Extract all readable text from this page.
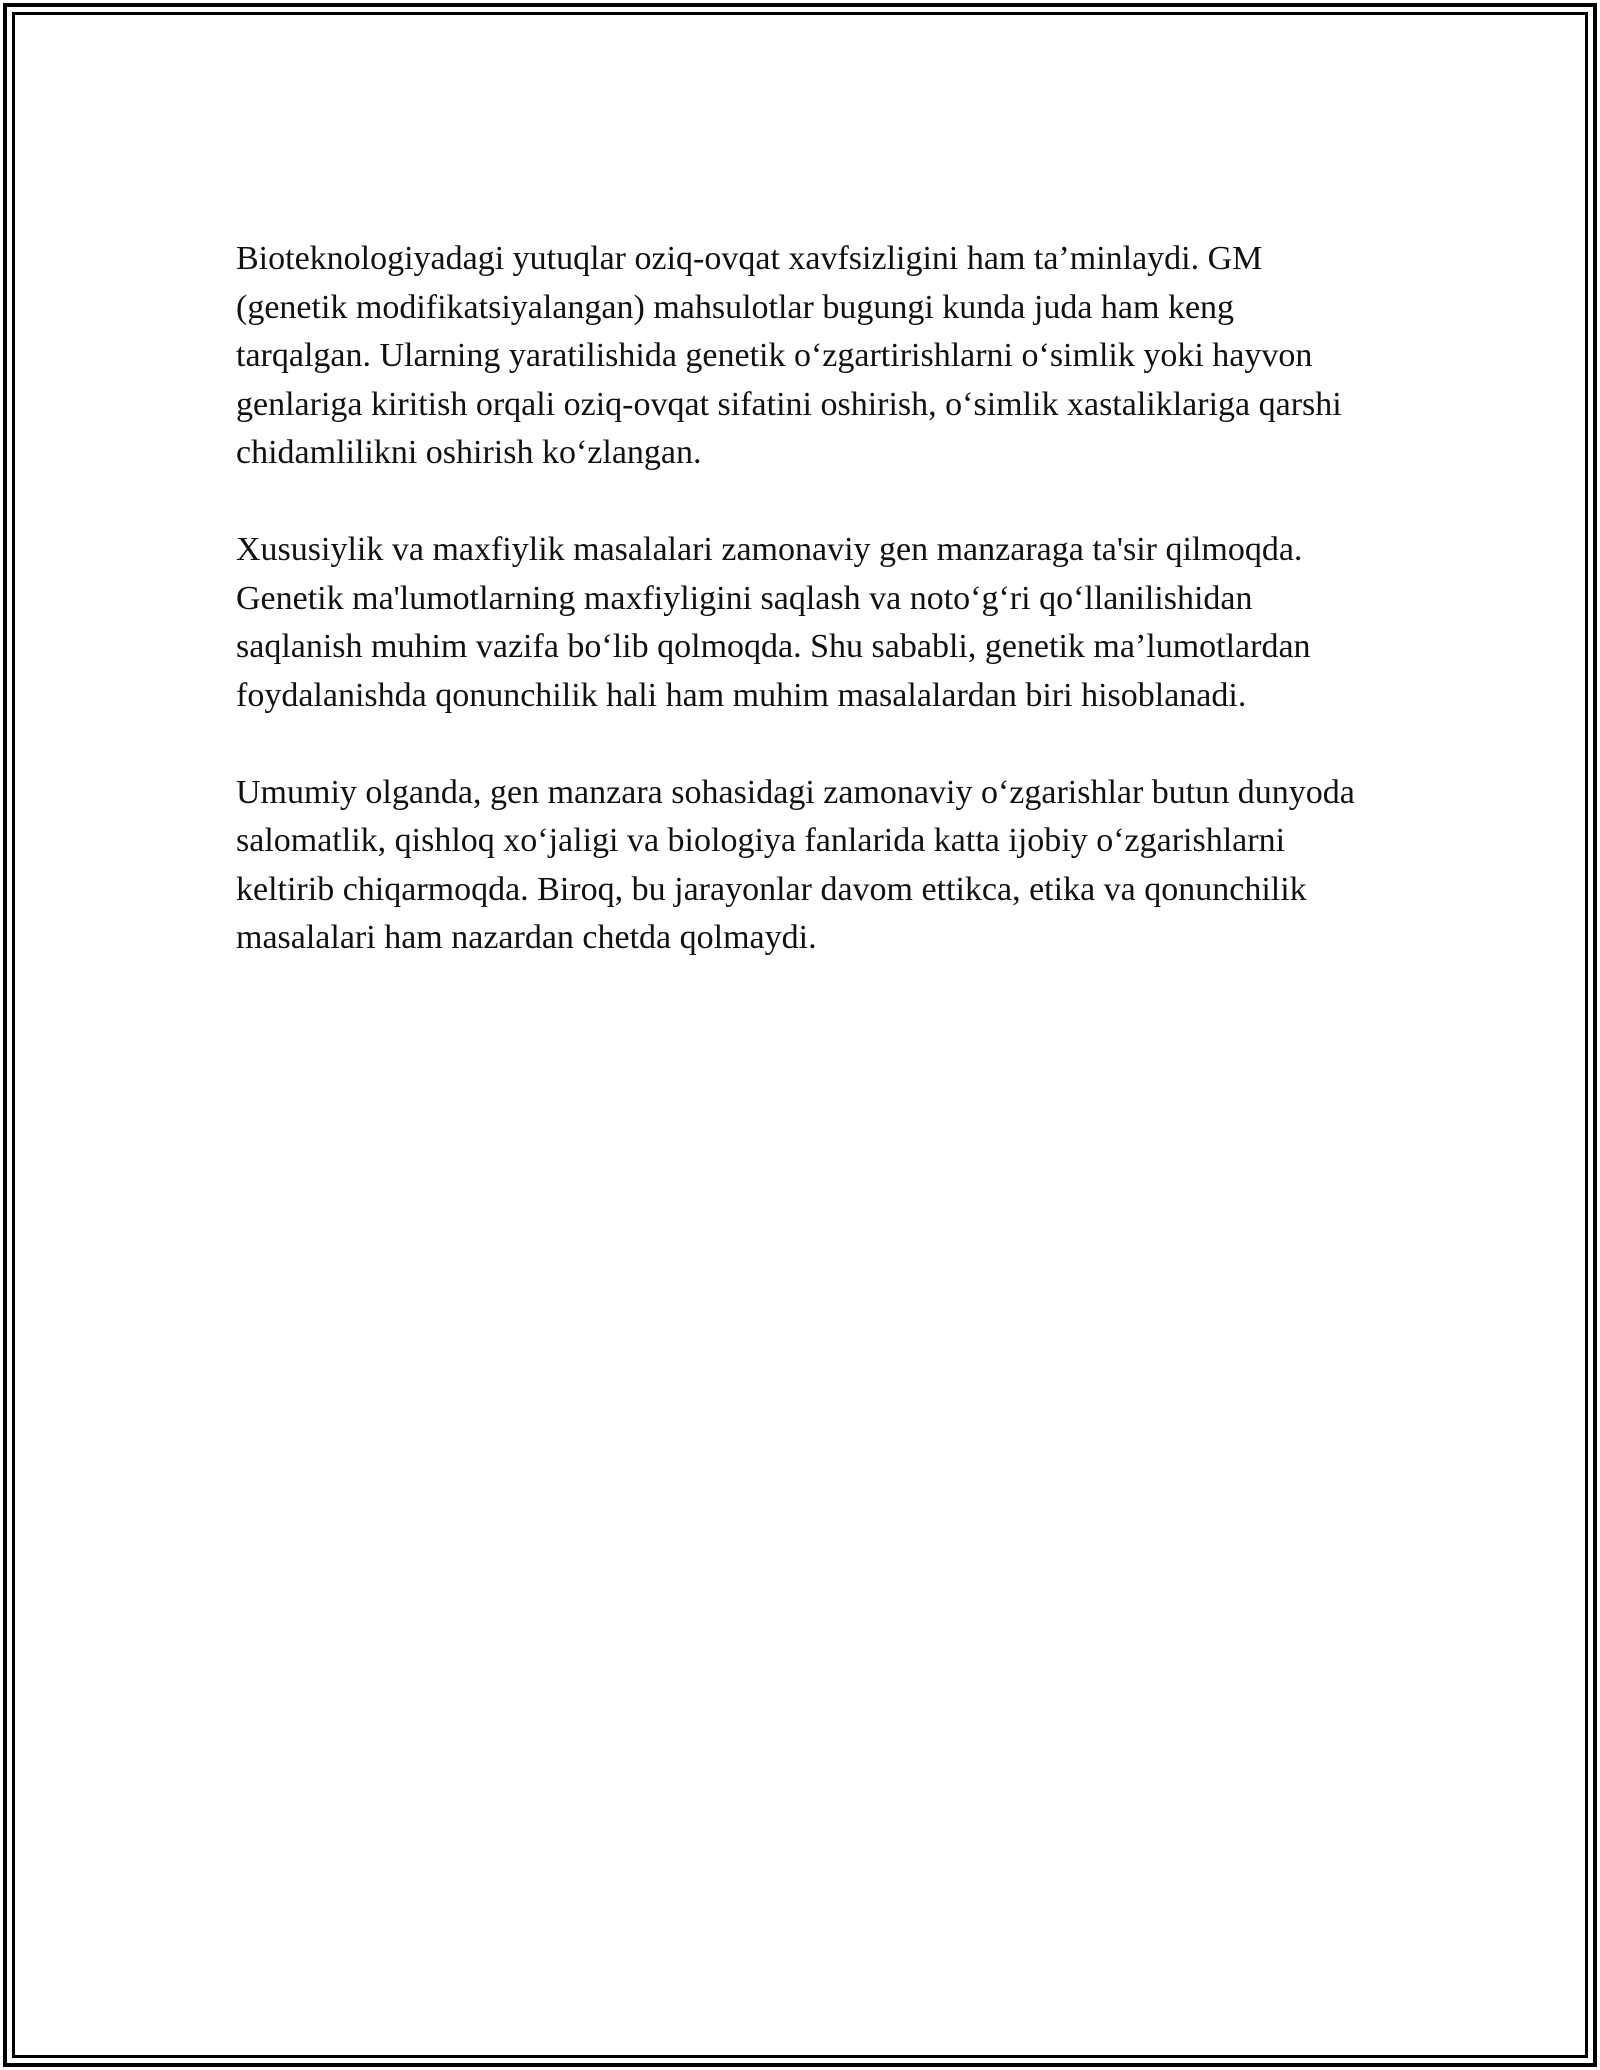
Bioteknologiyadagi yutuqlar oziq-ovqat xavfsizligini ham ta’minlaydi. GM (genetik modifikatsiyalangan) mahsulotlar bugungi kunda juda ham keng tarqalgan. Ularning yaratilishida genetik o‘zgartirishlarni o‘simlik yoki hayvon genlariga kiritish orqali oziq-ovqat sifatini oshirish, o‘simlik xastaliklariga qarshi chidamlilikni oshirish ko‘zlangan.

Xususiylik va maxfiylik masalalari zamonaviy gen manzaraga ta'sir qilmoqda. Genetik ma'lumotlarning maxfiyligini saqlash va noto‘g‘ri qo‘llanilishidan saqlanish muhim vazifa bo‘lib qolmoqda. Shu sababli, genetik ma’lumotlardan foydalanishda qonunchilik hali ham muhim masalalardan biri hisoblanadi.

Umumiy olganda, gen manzara sohasidagi zamonaviy o‘zgarishlar butun dunyoda salomatlik, qishloq xo‘jaligi va biologiya fanlarida katta ijobiy o‘zgarishlarni keltirib chiqarmoqda. Biroq, bu jarayonlar davom ettikca, etika va qonunchilik masalalari ham nazardan chetda qolmaydi.
